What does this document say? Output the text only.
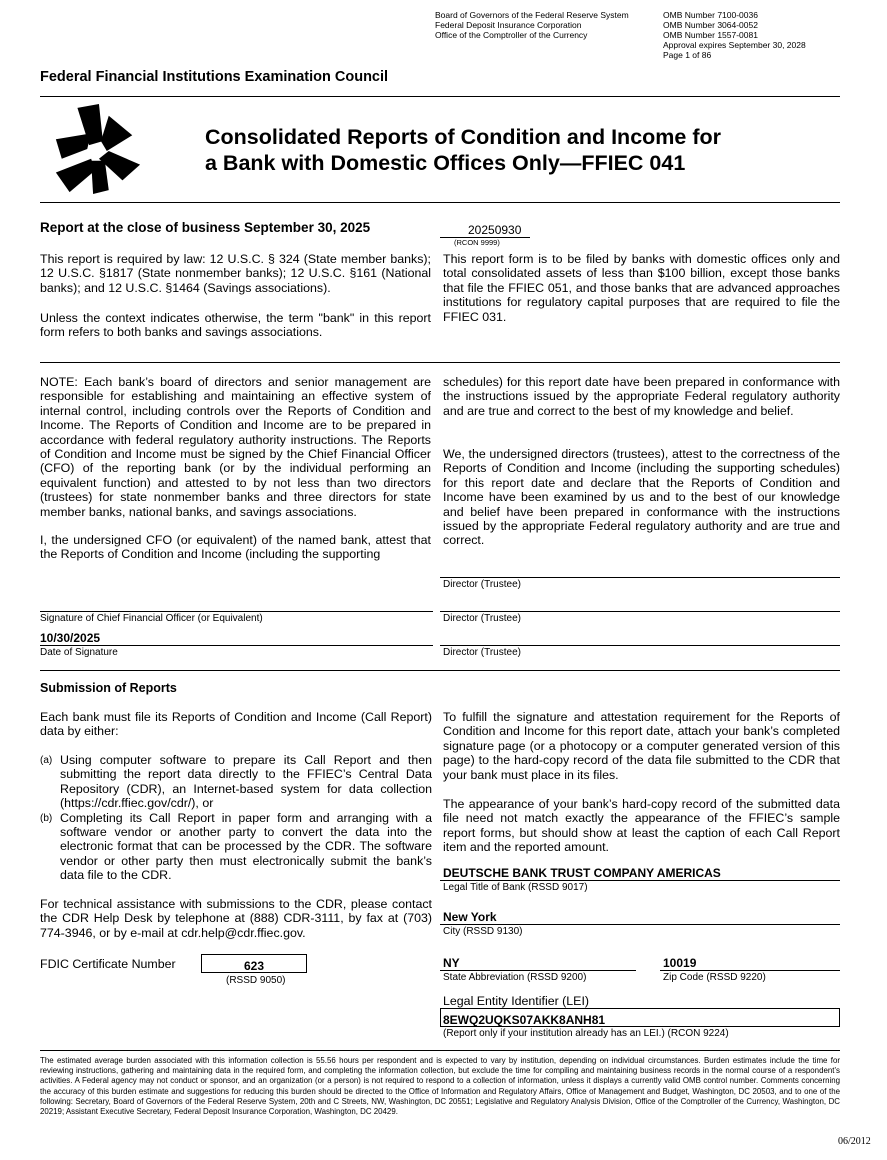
Board of Governors of the Federal Reserve System
Federal Deposit Insurance Corporation
Office of the Comptroller of the Currency
OMB Number 7100-0036
OMB Number 3064-0052
OMB Number 1557-0081
Approval expires September 30, 2028
Page 1 of 86
Federal Financial Institutions Examination Council
Consolidated Reports of Condition and Income for
a Bank with Domestic Offices Only—FFIEC 041
Report at the close of business September 30, 2025	20250930
(RCON 9999)

This report is required by law: 12 U.S.C. § 324 (State member banks); 12 U.S.C. §1817 (State nonmember banks); 12 U.S.C. §161 (National banks); and 12 U.S.C. §1464 (Savings associations).

Unless the context indicates otherwise, the term "bank" in this report form refers to both banks and savings associations.

This report form is to be filed by banks with domestic offices only and total consolidated assets of less than $100 billion, except those banks that file the FFIEC 051, and those banks that are advanced approaches institutions for regulatory capital purposes that are required to file the FFIEC 031.

NOTE: Each bank’s board of directors and senior management are responsible for establishing and maintaining an effective system of internal control, including controls over the Reports of Condition and Income. The Reports of Condition and Income are to be prepared in accordance with federal regulatory authority instructions. The Reports of Condition and Income must be signed by the Chief Financial Officer (CFO) of the reporting bank (or by the individual performing an equivalent function) and attested to by not less than two directors (trustees) for state nonmember banks and three directors for state member banks, national banks, and savings associations.

I, the undersigned CFO (or equivalent) of the named bank, attest that the Reports of Condition and Income (including the supporting

schedules) for this report date have been prepared in conformance with the instructions issued by the appropriate Federal regulatory authority and are true and correct to the best of my knowledge and belief.

We, the undersigned directors (trustees), attest to the correctness of the Reports of Condition and Income (including the supporting schedules) for this report date and declare that the Reports of Condition and Income have been examined by us and to the best of our knowledge and belief have been prepared in conformance with the instructions issued by the appropriate Federal regulatory authority and are true and correct.

Director (Trustee)
Signature of Chief Financial Officer (or Equivalent)	Director (Trustee)
10/30/2025
Date of Signature	Director (Trustee)
Submission of Reports

Each bank must file its Reports of Condition and Income (Call Report) data by either:

(a) Using computer software to prepare its Call Report and then submitting the report data directly to the FFIEC’s Central Data Repository (CDR), an Internet-based system for data collection (https://cdr.ffiec.gov/cdr/), or
(b) Completing its Call Report in paper form and arranging with a software vendor or another party to convert the data into the electronic format that can be processed by the CDR. The software vendor or other party then must electronically submit the bank’s data file to the CDR.

For technical assistance with submissions to the CDR, please contact the CDR Help Desk by telephone at (888) CDR-3111, by fax at (703) 774-3946, or by e-mail at cdr.help@cdr.ffiec.gov.

To fulfill the signature and attestation requirement for the Reports of Condition and Income for this report date, attach your bank’s completed signature page (or a photocopy or a computer generated version of this page) to the hard-copy record of the data file submitted to the CDR that your bank must place in its files.

The appearance of your bank’s hard-copy record of the submitted data file need not match exactly the appearance of the FFIEC’s sample report forms, but should show at least the caption of each Call Report item and the reported amount.

FDIC Certificate Number	623
(RSSD 9050)
DEUTSCHE BANK TRUST COMPANY AMERICAS
Legal Title of Bank (RSSD 9017)
New York
City (RSSD 9130)
NY
State Abbreviation (RSSD 9200)
10019
Zip Code (RSSD 9220)
Legal Entity Identifier (LEI)
8EWQ2UQKS07AKK8ANH81
(Report only if your institution already has an LEI.) (RCON 9224)

The estimated average burden associated with this information collection is 55.56 hours per respondent and is expected to vary by institution, depending on individual circumstances. Burden estimates include the time for reviewing instructions, gathering and maintaining data in the required form, and completing the information collection, but exclude the time for compiling and maintaining business records in the normal course of a respondent’s activities. A Federal agency may not conduct or sponsor, and an organization (or a person) is not required to respond to a collection of information, unless it displays a currently valid OMB control number. Comments concerning the accuracy of this burden estimate and suggestions for reducing this burden should be directed to the Office of Information and Regulatory Affairs, Office of Management and Budget, Washington, DC 20503, and to one of the following: Secretary, Board of Governors of the Federal Reserve System, 20th and C Streets, NW, Washington, DC 20551; Legislative and Regulatory Analysis Division, Office of the Comptroller of the Currency, Washington, DC 20219; Assistant Executive Secretary, Federal Deposit Insurance Corporation, Washington, DC 20429.

06/2012
